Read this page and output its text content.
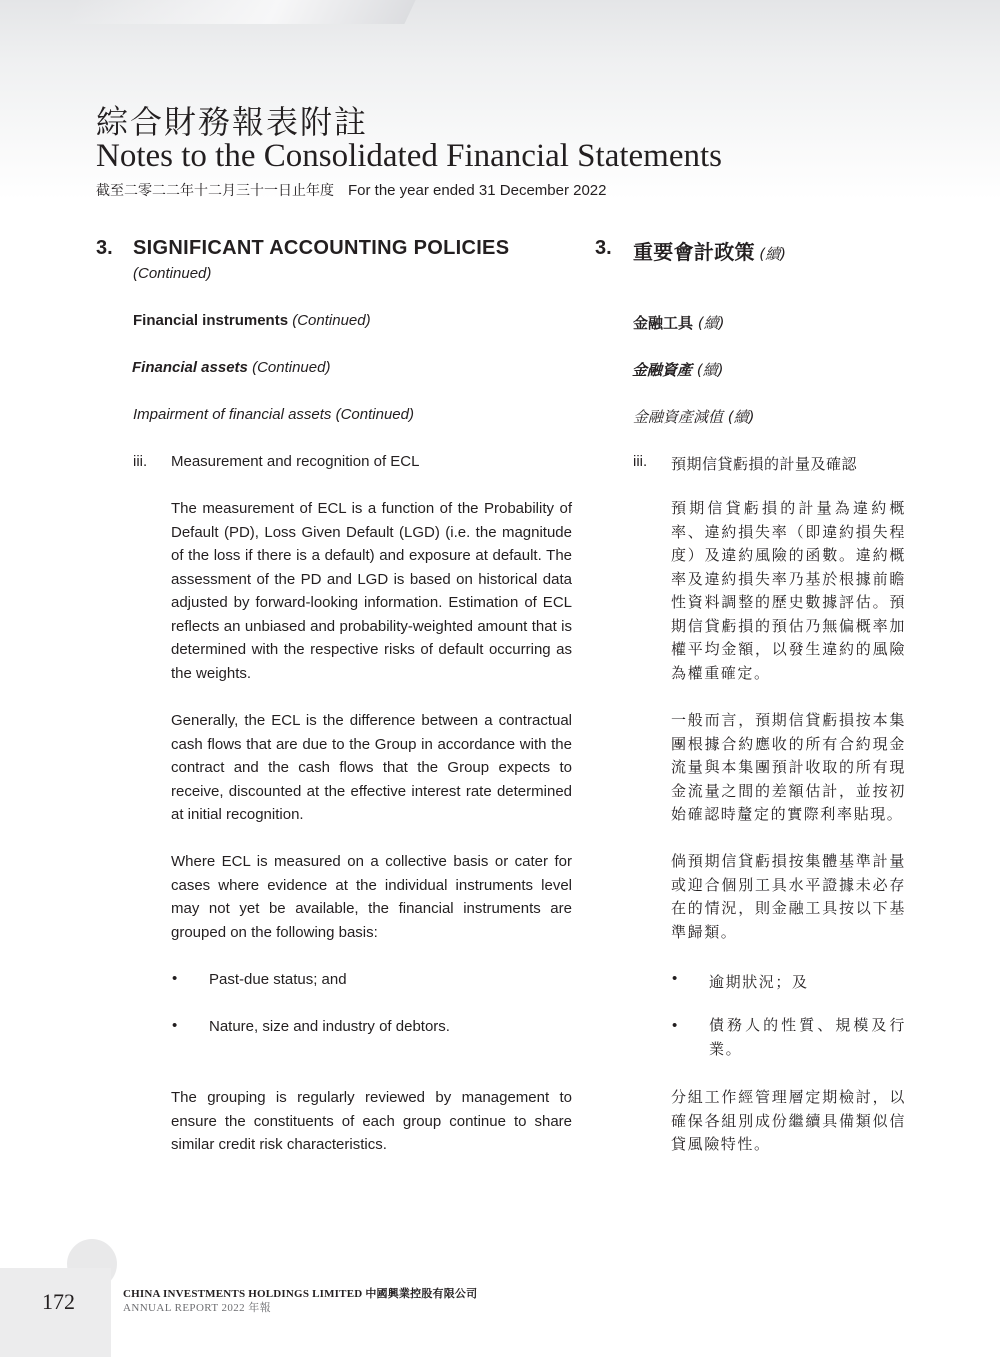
綜合財務報表附註
Notes to the Consolidated Financial Statements
截至二零二二年十二月三十一日止年度 For the year ended 31 December 2022
3. SIGNIFICANT ACCOUNTING POLICIES
(Continued)
Financial instruments (Continued)
Financial assets (Continued)
Impairment of financial assets (Continued)
iii. Measurement and recognition of ECL

The measurement of ECL is a function of the Probability of Default (PD), Loss Given Default (LGD) (i.e. the magnitude of the loss if there is a default) and exposure at default. The assessment of the PD and LGD is based on historical data adjusted by forward-looking information. Estimation of ECL reflects an unbiased and probability-weighted amount that is determined with the respective risks of default occurring as the weights.

Generally, the ECL is the difference between a contractual cash flows that are due to the Group in accordance with the contract and the cash flows that the Group expects to receive, discounted at the effective interest rate determined at initial recognition.

Where ECL is measured on a collective basis or cater for cases where evidence at the individual instruments level may not yet be available, the financial instruments are grouped on the following basis:

• Past-due status; and
• Nature, size and industry of debtors.

The grouping is regularly reviewed by management to ensure the constituents of each group continue to share similar credit risk characteristics.

3. 重要會計政策 (續)
金融工具 (續)
金融資產 (續)
金融資產減值 (續)
iii. 預期信貸虧損的計量及確認

預期信貸虧損的計量為違約概率、違約損失率（即違約損失程度）及違約風險的函數。違約概率及違約損失率乃基於根據前瞻性資料調整的歷史數據評估。預期信貸虧損的預估乃無偏概率加權平均金額，以發生違約的風險為權重確定。

一般而言，預期信貸虧損按本集團根據合約應收的所有合約現金流量與本集團預計收取的所有現金流量之間的差額估計，並按初始確認時釐定的實際利率貼現。

倘預期信貸虧損按集體基準計量或迎合個別工具水平證據未必存在的情況，則金融工具按以下基準歸類。

• 逾期狀況；及
• 債務人的性質、規模及行業。

分組工作經管理層定期檢討，以確保各組別成份繼續具備類似信貸風險特性。

172	CHINA INVESTMENTS HOLDINGS LIMITED 中國興業控股有限公司
ANNUAL REPORT 2022 年報
